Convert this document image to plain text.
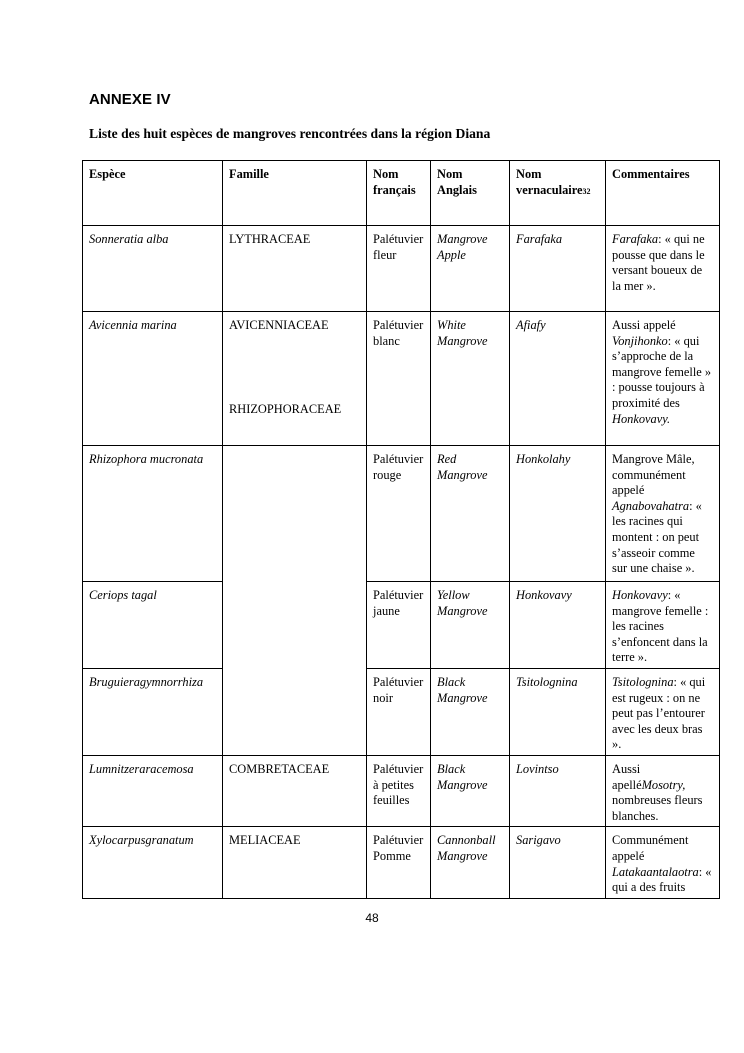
ANNEXE IV
Liste des huit espèces de mangroves rencontrées dans la région Diana
Espèce	Famille	Nom français	Nom Anglais	Nom vernaculaire32	Commentaires
Sonneratia alba	LYTHRACEAE	Palétuvier fleur	Mangrove Apple	Farafaka	Farafaka: « qui ne pousse que dans le versant boueux de la mer ».
Avicennia marina	AVICENNIACEAE	Palétuvier blanc	White Mangrove	Afiafy	Aussi appelé Vonjihonko: « qui s’approche de la mangrove femelle » : pousse toujours à proximité des Honkovavy.
Rhizophora mucronata	RHIZOPHORACEAE	Palétuvier rouge	Red Mangrove	Honkolahy	Mangrove Mâle, communément appelé Agnabovahatra: « les racines qui montent : on peut s’asseoir comme sur une chaise ».
Ceriops tagal		Palétuvier jaune	Yellow Mangrove	Honkovavy	Honkovavy: « mangrove femelle : les racines s’enfoncent dans la terre ».
Bruguieragymnorrhiza		Palétuvier noir	Black Mangrove	Tsitolognina	Tsitolognina: « qui est rugeux : on ne peut pas l’entourer avec les deux bras ».
Lumnitzeraracemosa	COMBRETACEAE	Palétuvier à petites feuilles	Black Mangrove	Lovintso	Aussi apelléMosotry, nombreuses fleurs blanches.
Xylocarpusgranatum	MELIACEAE	Palétuvier Pomme	Cannonball Mangrove	Sarigavo	Communément appelé Latakaantalaotra: « qui a des fruits
48
